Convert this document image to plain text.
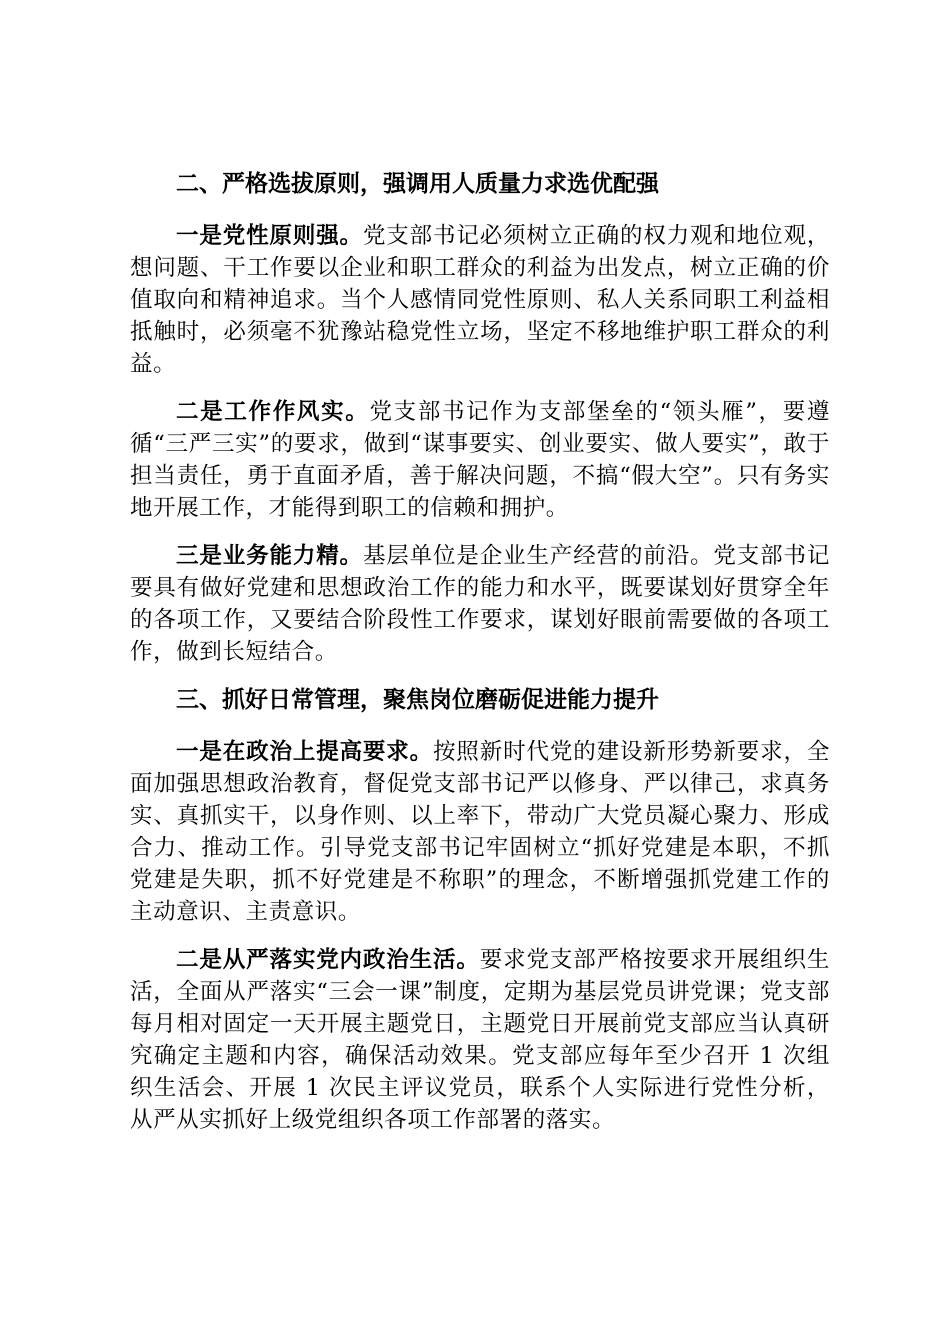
二、严格选拔原则，强调用人质量力求选优配强

一是党性原则强。党支部书记必须树立正确的权力观和地位观，想问题、干工作要以企业和职工群众的利益为出发点，树立正确的价值取向和精神追求。当个人感情同党性原则、私人关系同职工利益相抵触时，必须毫不犹豫站稳党性立场，坚定不移地维护职工群众的利益。

二是工作作风实。党支部书记作为支部堡垒的“领头雁”，要遵循“三严三实”的要求，做到“谋事要实、创业要实、做人要实”，敢于担当责任，勇于直面矛盾，善于解决问题，不搞“假大空”。只有务实地开展工作，才能得到职工的信赖和拥护。

三是业务能力精。基层单位是企业生产经营的前沿。党支部书记要具有做好党建和思想政治工作的能力和水平，既要谋划好贯穿全年的各项工作，又要结合阶段性工作要求，谋划好眼前需要做的各项工作，做到长短结合。

三、抓好日常管理，聚焦岗位磨砺促进能力提升

一是在政治上提高要求。按照新时代党的建设新形势新要求，全面加强思想政治教育，督促党支部书记严以修身、严以律己，求真务实、真抓实干，以身作则、以上率下，带动广大党员凝心聚力、形成合力、推动工作。引导党支部书记牢固树立“抓好党建是本职，不抓党建是失职，抓不好党建是不称职”的理念，不断增强抓党建工作的主动意识、主责意识。

二是从严落实党内政治生活。要求党支部严格按要求开展组织生活，全面从严落实“三会一课”制度，定期为基层党员讲党课；党支部每月相对固定一天开展主题党日，主题党日开展前党支部应当认真研究确定主题和内容，确保活动效果。党支部应每年至少召开 1 次组织生活会、开展 1 次民主评议党员，联系个人实际进行党性分析，从严从实抓好上级党组织各项工作部署的落实。
